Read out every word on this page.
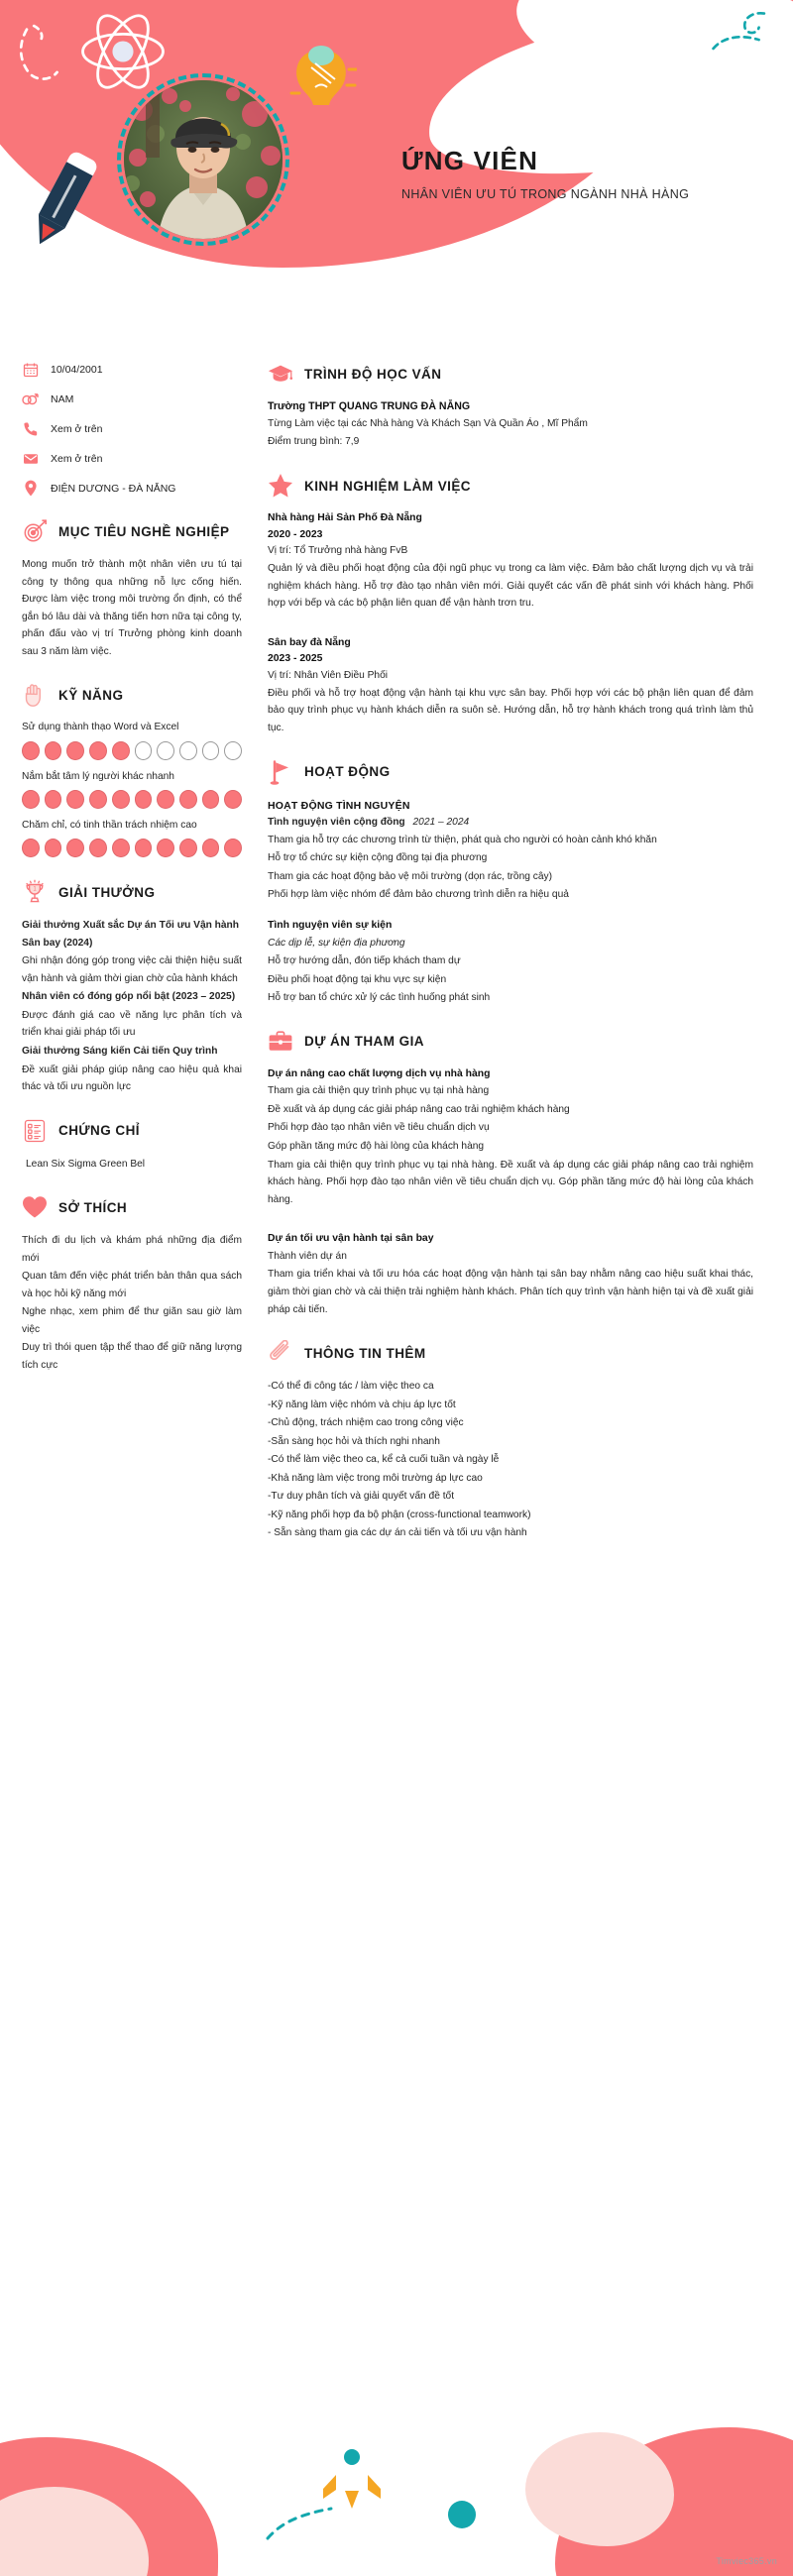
ỨNG VIÊN
NHÂN VIÊN ƯU TÚ TRONG NGÀNH NHÀ HÀNG
10/04/2001
NAM
Xem ở trên
Xem ở trên
ĐIỆN DƯƠNG - ĐÀ NẴNG
MỤC TIÊU NGHỀ NGHIỆP
Mong muốn trở thành một nhân viên ưu tú tại công ty thông qua những nỗ lực cống hiến. Được làm việc trong môi trường ổn định, có thể gắn bó lâu dài và thăng tiến hơn nữa tại công ty, phấn đấu vào vị trí Trưởng phòng kinh doanh sau 3 năm làm việc.
KỸ NĂNG
Sử dụng thành thạo Word và Excel
Nắm bắt tâm lý người khác nhanh
Chăm chỉ, có tinh thần trách nhiệm cao
1 GIẢI THƯỞNG
Giải thưởng Xuất sắc Dự án Tối ưu Vận hành Sân bay (2024)
Ghi nhận đóng góp trong việc cải thiện hiệu suất vận hành và giảm thời gian chờ của hành khách
Nhân viên có đóng góp nổi bật (2023 – 2025)
Được đánh giá cao về năng lực phân tích và triển khai giải pháp tối ưu
Giải thưởng Sáng kiến Cải tiến Quy trình
Đề xuất giải pháp giúp nâng cao hiệu quả khai thác và tối ưu nguồn lực
CHỨNG CHỈ
Lean Six Sigma Green Bel
SỞ THÍCH
Thích đi du lịch và khám phá những địa điểm mới
Quan tâm đến việc phát triển bản thân qua sách và học hỏi kỹ năng mới
Nghe nhạc, xem phim để thư giãn sau giờ làm việc
Duy trì thói quen tập thể thao để giữ năng lượng tích cực
TRÌNH ĐỘ HỌC VẤN
Trường THPT QUANG TRUNG ĐÀ NẴNG
Từng Làm việc tại các Nhà hàng Và Khách Sạn Và Quần Áo , Mĩ Phẩm
Điểm trung bình: 7,9
KINH NGHIỆM LÀM VIỆC
Nhà hàng Hải Sản Phố Đà Nẵng
2020 - 2023
Vị trí: Tổ Trưởng nhà hàng FvB
Quản lý và điều phối hoạt động của đội ngũ phục vụ trong ca làm việc. Đảm bảo chất lượng dịch vụ và trải nghiệm khách hàng. Hỗ trợ đào tạo nhân viên mới. Giải quyết các vấn đề phát sinh với khách hàng. Phối hợp với bếp và các bộ phận liên quan để vận hành trơn tru.
Sân bay đà Nẵng
2023 - 2025
Vị trí: Nhân Viên Điều Phối
Điều phối và hỗ trợ hoạt động vận hành tại khu vực sân bay. Phối hợp với các bộ phận liên quan để đảm bảo quy trình phục vụ hành khách diễn ra suôn sẻ. Hướng dẫn, hỗ trợ hành khách trong quá trình làm thủ tục.
HOẠT ĐỘNG
HOẠT ĐỘNG TÌNH NGUYỆN
Tình nguyện viên cộng đồng 2021 – 2024
Tham gia hỗ trợ các chương trình từ thiện, phát quà cho người có hoàn cảnh khó khăn
Hỗ trợ tổ chức sự kiện cộng đồng tại địa phương
Tham gia các hoạt động bảo vệ môi trường (dọn rác, trồng cây)
Phối hợp làm việc nhóm để đảm bảo chương trình diễn ra hiệu quả
Tình nguyện viên sự kiện
Các dịp lễ, sự kiện địa phương
Hỗ trợ hướng dẫn, đón tiếp khách tham dự
Điều phối hoạt động tại khu vực sự kiện
Hỗ trợ ban tổ chức xử lý các tình huống phát sinh
DỰ ÁN THAM GIA
Dự án nâng cao chất lượng dịch vụ nhà hàng
Tham gia cải thiện quy trình phục vụ tại nhà hàng
Đề xuất và áp dụng các giải pháp nâng cao trải nghiệm khách hàng
Phối hợp đào tạo nhân viên về tiêu chuẩn dịch vụ
Góp phần tăng mức độ hài lòng của khách hàng
Tham gia cải thiện quy trình phục vụ tại nhà hàng. Đề xuất và áp dụng các giải pháp nâng cao trải nghiệm khách hàng. Phối hợp đào tạo nhân viên về tiêu chuẩn dịch vụ. Góp phần tăng mức độ hài lòng của khách hàng.
Dự án tối ưu vận hành tại sân bay
Thành viên dự án
Tham gia triển khai và tối ưu hóa các hoạt động vận hành tại sân bay nhằm nâng cao hiệu suất khai thác, giảm thời gian chờ và cải thiện trải nghiệm hành khách. Phân tích quy trình vận hành hiện tại và đề xuất giải pháp cải tiến.
THÔNG TIN THÊM
-Có thể đi công tác / làm việc theo ca
-Kỹ năng làm việc nhóm và chịu áp lực tốt
-Chủ động, trách nhiệm cao trong công việc
-Sẵn sàng học hỏi và thích nghi nhanh
-Có thể làm việc theo ca, kể cả cuối tuần và ngày lễ
-Khả năng làm việc trong môi trường áp lực cao
-Tư duy phân tích và giải quyết vấn đề tốt
-Kỹ năng phối hợp đa bộ phận (cross-functional teamwork)
- Sẵn sàng tham gia các dự án cải tiến và tối ưu vận hành
Timviec365.vn
